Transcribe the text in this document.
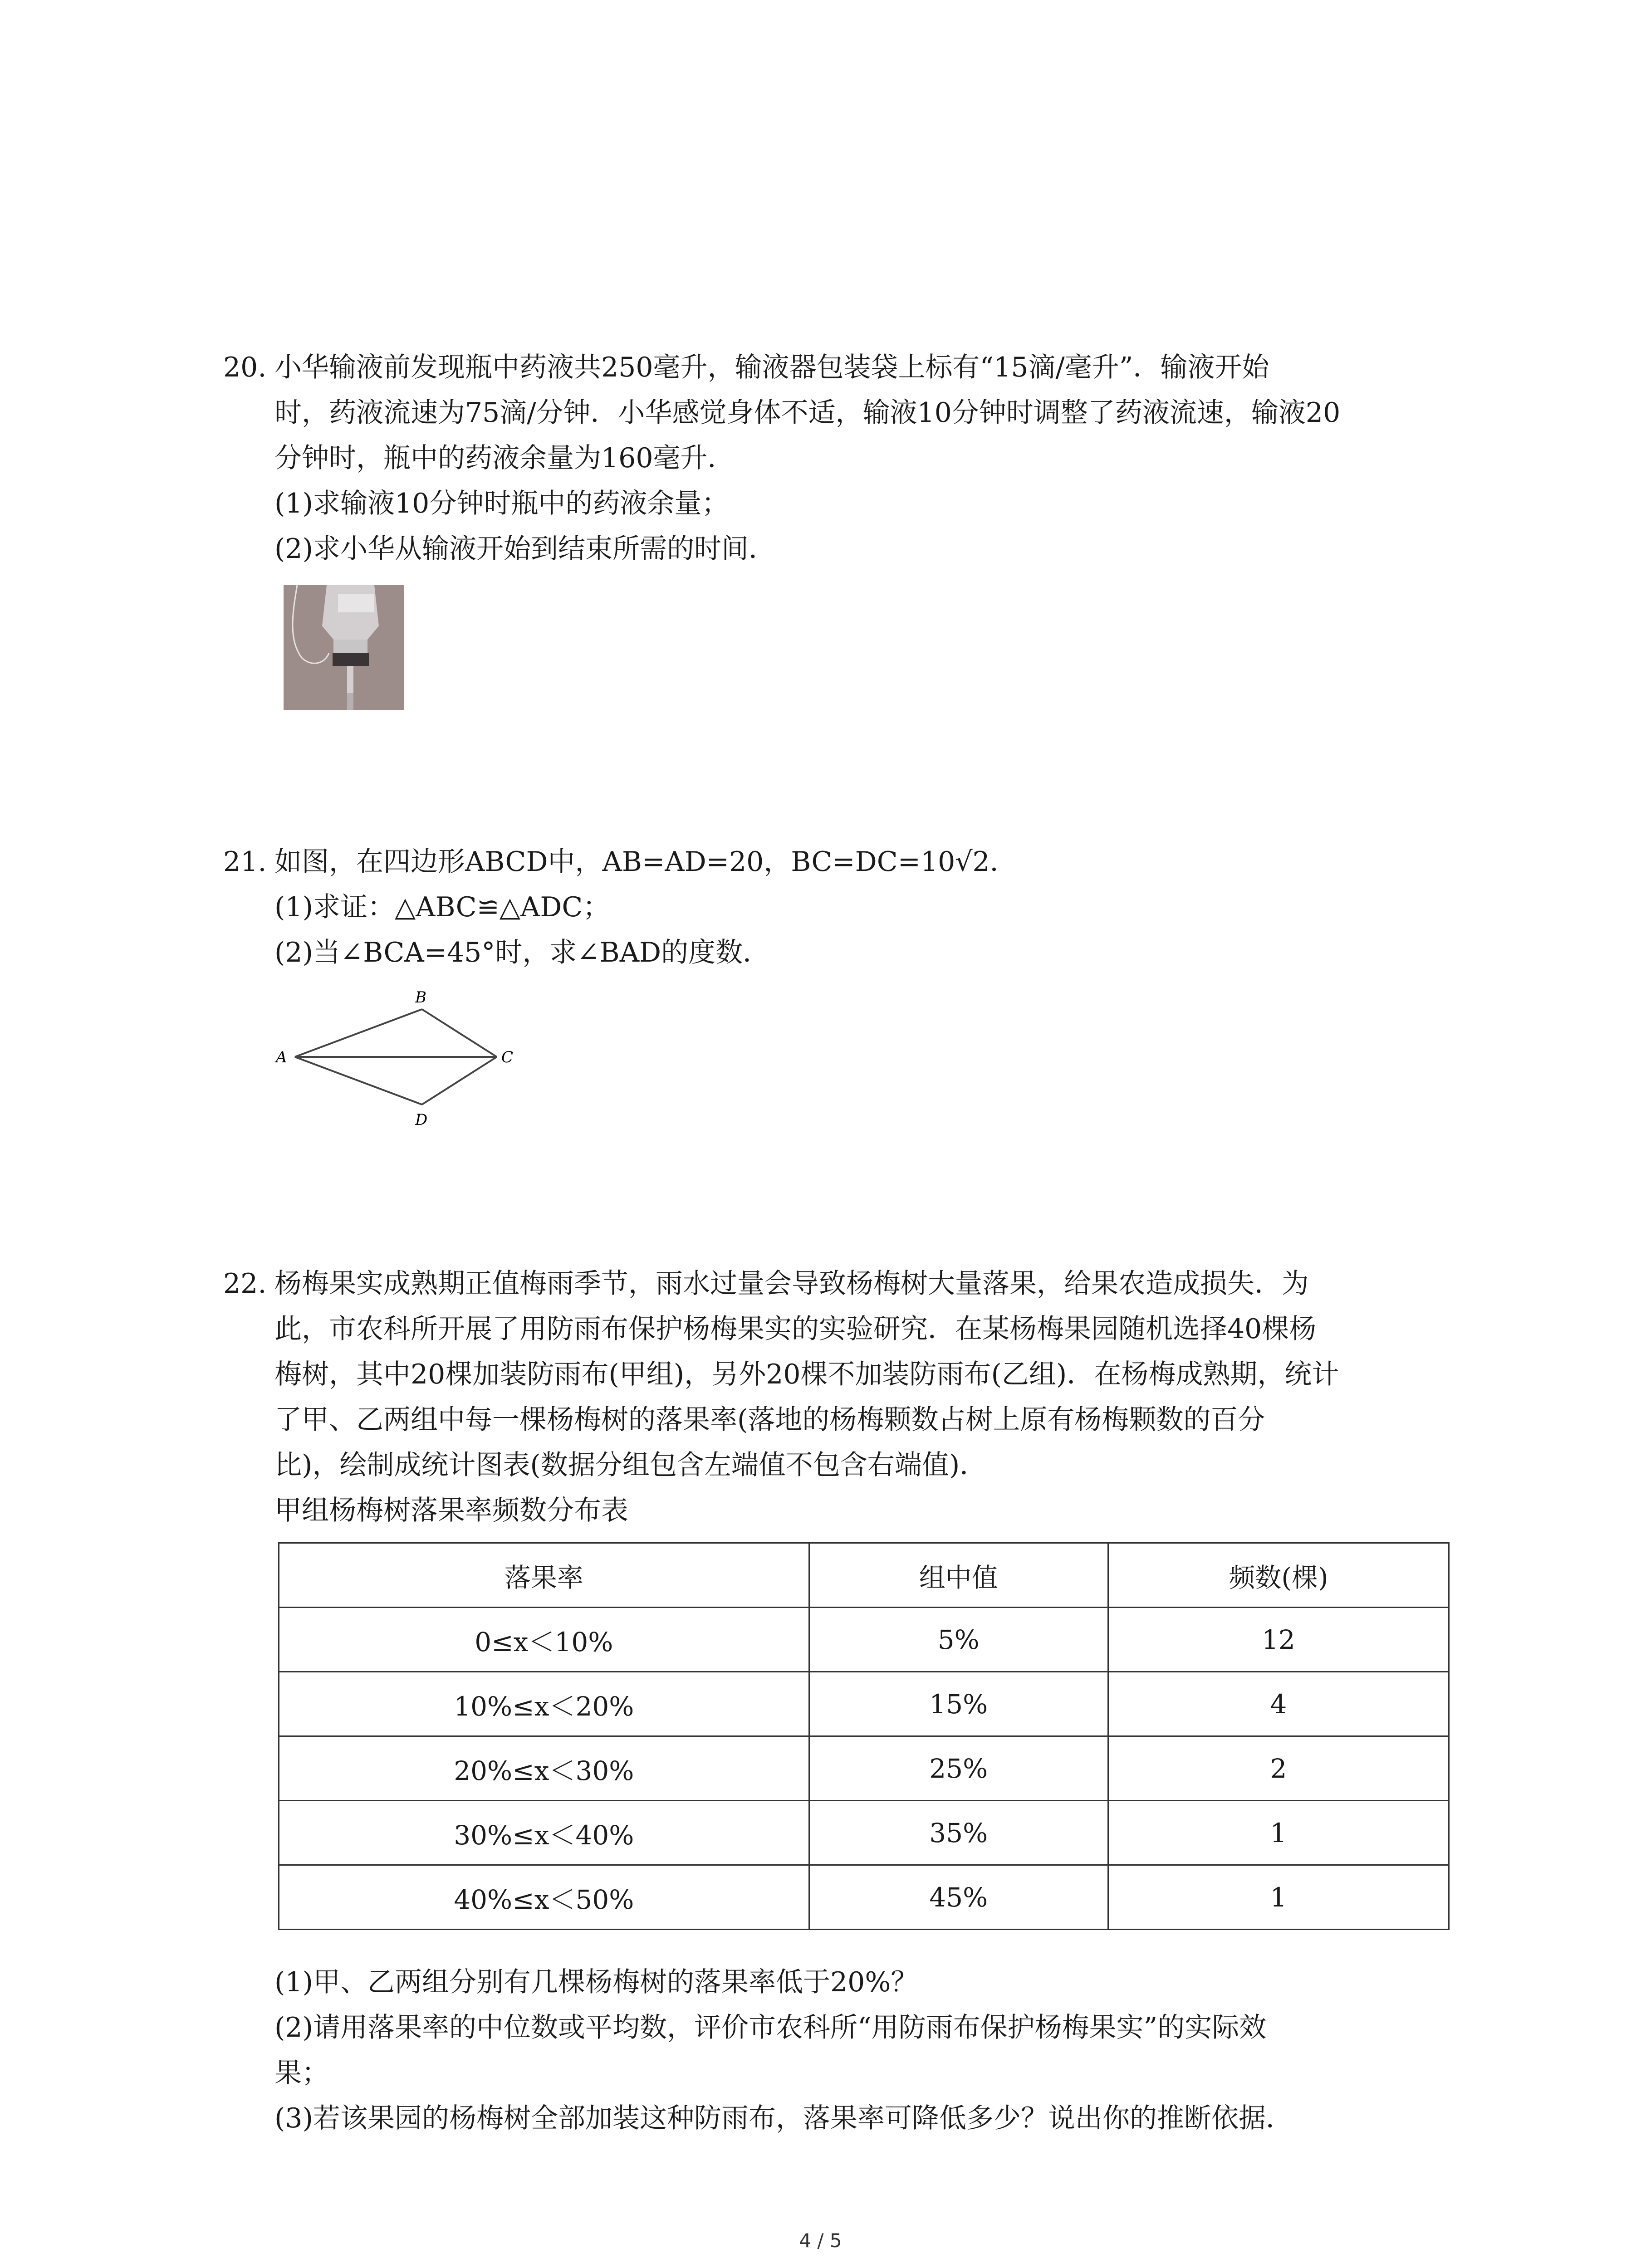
20. 小华输液前发现瓶中药液共250毫升，输液器包装袋上标有“15滴/毫升”．输液开始
时，药液流速为75滴/分钟．小华感觉身体不适，输液10分钟时调整了药液流速，输液20
分钟时，瓶中的药液余量为160毫升．
(1)求输液10分钟时瓶中的药液余量；
(2)求小华从输液开始到结束所需的时间．
21. 如图，在四边形ABCD中，AB=AD=20，BC=DC=10√2．
(1)求证：△ABC≌△ADC；
(2)当∠BCA=45°时，求∠BAD的度数．
B
A	C
D
22. 杨梅果实成熟期正值梅雨季节，雨水过量会导致杨梅树大量落果，给果农造成损失．为
此，市农科所开展了用防雨布保护杨梅果实的实验研究．在某杨梅果园随机选择40棵杨
梅树，其中20棵加装防雨布(甲组)，另外20棵不加装防雨布(乙组)．在杨梅成熟期，统计
了甲、乙两组中每一棵杨梅树的落果率(落地的杨梅颗数占树上原有杨梅颗数的百分
比)，绘制成统计图表(数据分组包含左端值不包含右端值)．
甲组杨梅树落果率频数分布表
落果率	组中值	频数(棵)
0≤x＜10%	5%	12
10%≤x＜20%	15%	4
20%≤x＜30%	25%	2
30%≤x＜40%	35%	1
40%≤x＜50%	45%	1
(1)甲、乙两组分别有几棵杨梅树的落果率低于20%？
(2)请用落果率的中位数或平均数，评价市农科所“用防雨布保护杨梅果实”的实际效
果；
(3)若该果园的杨梅树全部加装这种防雨布，落果率可降低多少？说出你的推断依据．
4 / 5
